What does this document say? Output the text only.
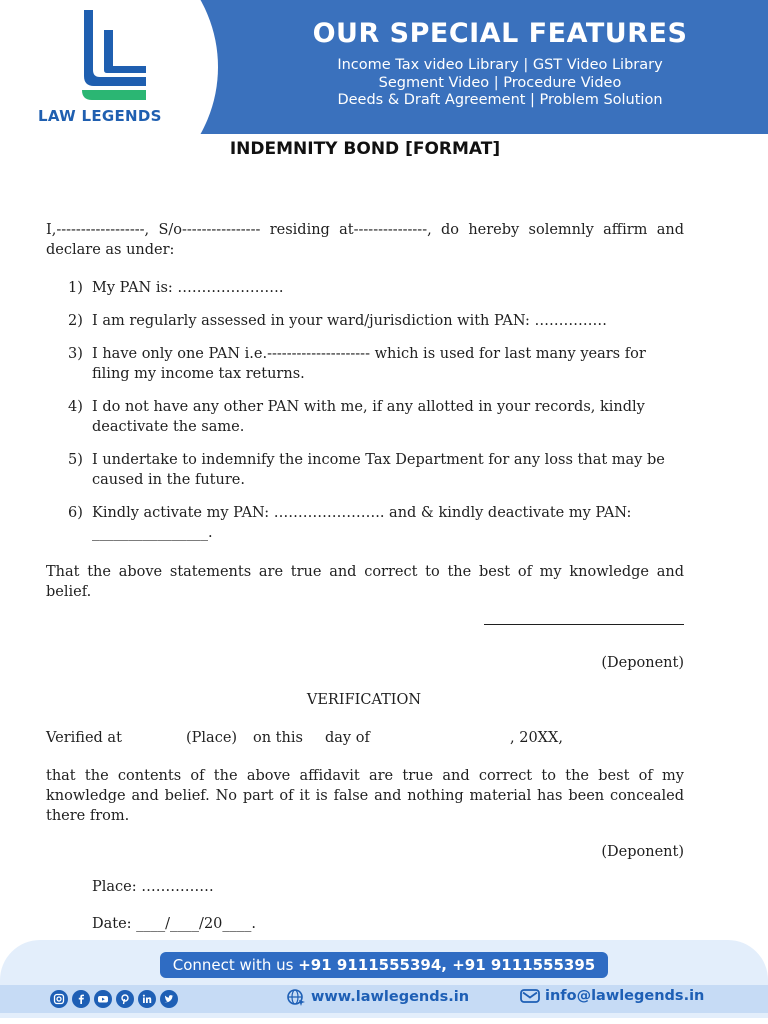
LAW LEGENDS
OUR SPECIAL FEATURES
Income Tax video Library | GST Video Library
Segment Video | Procedure Video
Deeds & Draft Agreement | Problem Solution
INDEMNITY BOND [FORMAT]
I,------------------, S/o---------------- residing at---------------, do hereby solemnly affirm and declare as under:
1) My PAN is: ………………….
2) I am regularly assessed in your ward/jurisdiction with PAN: ……………
3) I have only one PAN i.e.--------------------- which is used for last many years for filing my income tax returns.
4) I do not have any other PAN with me, if any allotted in your records, kindly deactivate the same.
5) I undertake to indemnify the income Tax Department for any loss that may be caused in the future.
6) Kindly activate my PAN: ………………….. and & kindly deactivate my PAN: ________________.
That the above statements are true and correct to the best of my knowledge and belief.
(Deponent)
VERIFICATION
Verified at	(Place) on this day of	, 20XX,
that the contents of the above affidavit are true and correct to the best of my knowledge and belief. No part of it is false and nothing material has been concealed there from.
(Deponent)
Place: ……………
Date: ____/____/20____.
Connect with us +91 9111555394, +91 9111555395
www.lawlegends.in	info@lawlegends.in
